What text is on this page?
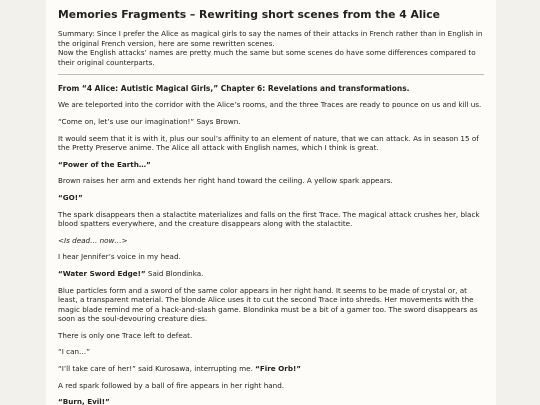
Memories Fragments – Rewriting short scenes from the 4 Alice

Summary: Since I prefer the Alice as magical girls to say the names of their attacks in French rather than in English in the original French version, here are some rewritten scenes.

Now the English attacks’ names are pretty much the same but some scenes do have some differences compared to their original counterparts.

From “4 Alice: Autistic Magical Girls,” Chapter 6: Revelations and transformations.

We are teleported into the corridor with the Alice’s rooms, and the three Traces are ready to pounce on us and kill us.

“Come on, let’s use our imagination!” Says Brown.

It would seem that it is with it, plus our soul’s affinity to an element of nature, that we can attack. As in season 15 of the Pretty Preserve anime. The Alice all attack with English names, which I think is great.

“Power of the Earth…”

Brown raises her arm and extends her right hand toward the ceiling. A yellow spark appears.

“GO!”

The spark disappears then a stalactite materializes and falls on the first Trace. The magical attack crushes her, black blood spatters everywhere, and the creature disappears along with the stalactite.

<Is dead… now…>

I hear Jennifer’s voice in my head.

“Water Sword Edge!” Said Blondinka.

Blue particles form and a sword of the same color appears in her right hand. It seems to be made of crystal or, at least, a transparent material. The blonde Alice uses it to cut the second Trace into shreds. Her movements with the magic blade remind me of a hack-and-slash game. Blondinka must be a bit of a gamer too. The sword disappears as soon as the soul-devouring creature dies.

There is only one Trace left to defeat.

“I can…”

“I’ll take care of her!” said Kurosawa, interrupting me. “Fire Orb!”

A red spark followed by a ball of fire appears in her right hand.

“Burn, Evil!”
